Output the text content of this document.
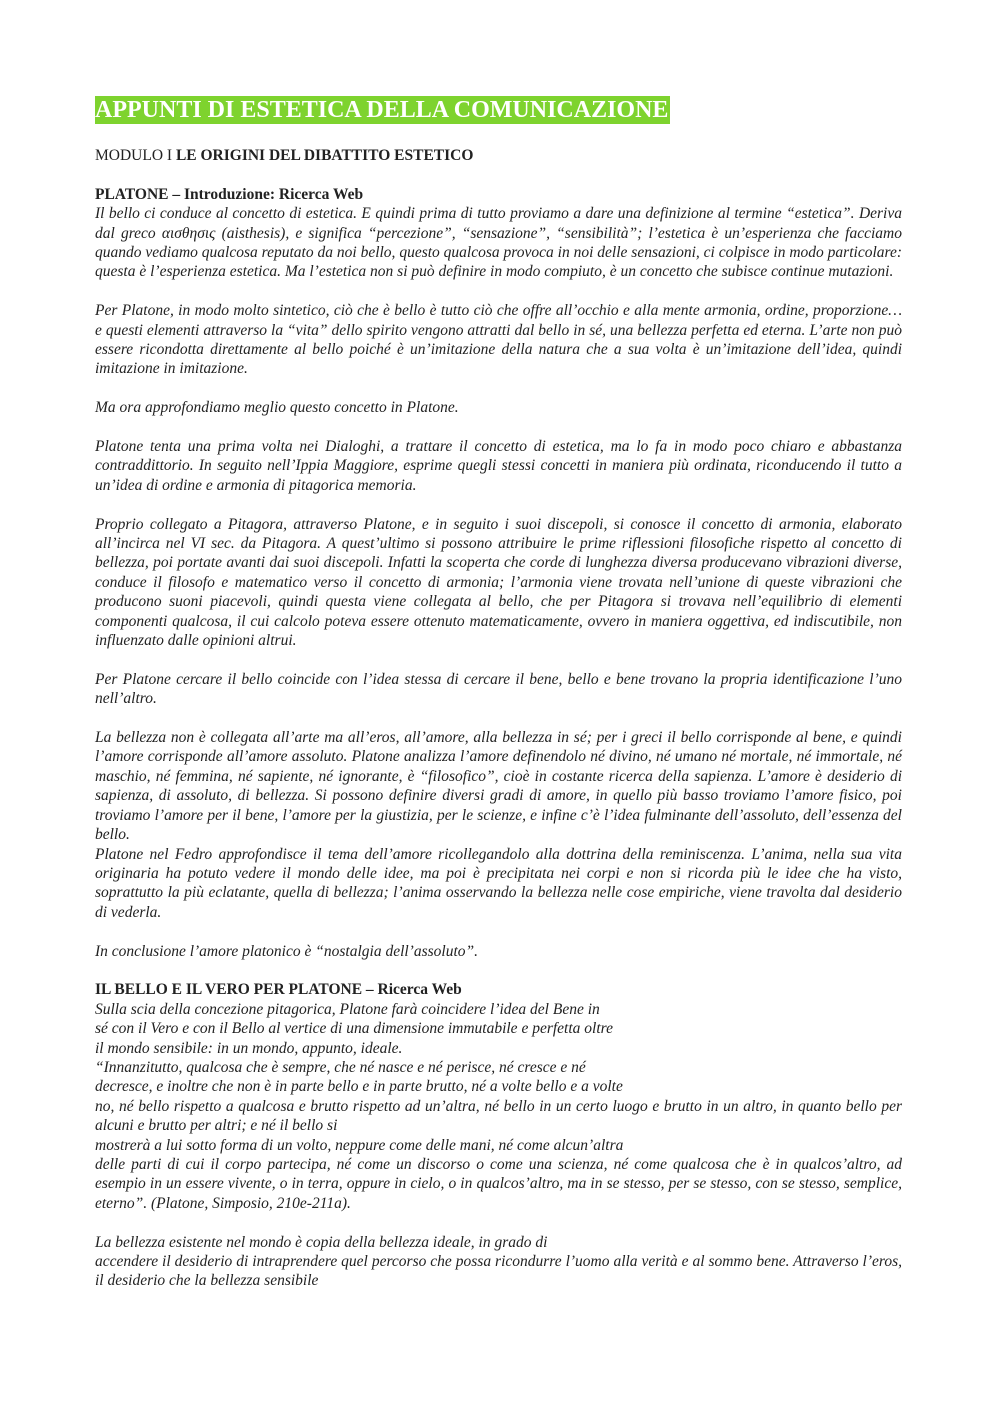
APPUNTI DI ESTETICA DELLA COMUNICAZIONE
MODULO I LE ORIGINI DEL DIBATTITO ESTETICO
PLATONE – Introduzione: Ricerca Web

Il bello ci conduce al concetto di estetica. E quindi prima di tutto proviamo a dare una definizione al termine “estetica”. Deriva dal greco αισθησις (aisthesis), e significa “percezione”, “sensazione”, “sensibilità”; l’estetica è un’esperienza che facciamo quando vediamo qualcosa reputato da noi bello, questo qualcosa provoca in noi delle sensazioni, ci colpisce in modo particolare: questa è l’esperienza estetica. Ma l’estetica non si può definire in modo compiuto, è un concetto che subisce continue mutazioni.

Per Platone, in modo molto sintetico, ciò che è bello è tutto ciò che offre all’occhio e alla mente armonia, ordine, proporzione… e questi elementi attraverso la “vita” dello spirito vengono attratti dal bello in sé, una bellezza perfetta ed eterna. L’arte non può essere ricondotta direttamente al bello poiché è un’imitazione della natura che a sua volta è un’imitazione dell’idea, quindi imitazione in imitazione.

Ma ora approfondiamo meglio questo concetto in Platone.

Platone tenta una prima volta nei Dialoghi, a trattare il concetto di estetica, ma lo fa in modo poco chiaro e abbastanza contraddittorio. In seguito nell’Ippia Maggiore, esprime quegli stessi concetti in maniera più ordinata, riconducendo il tutto a un’idea di ordine e armonia di pitagorica memoria.

Proprio collegato a Pitagora, attraverso Platone, e in seguito i suoi discepoli, si conosce il concetto di armonia, elaborato all’incirca nel VI sec. da Pitagora. A quest’ultimo si possono attribuire le prime riflessioni filosofiche rispetto al concetto di bellezza, poi portate avanti dai suoi discepoli. Infatti la scoperta che corde di lunghezza diversa producevano vibrazioni diverse, conduce il filosofo e matematico verso il concetto di armonia; l’armonia viene trovata nell’unione di queste vibrazioni che producono suoni piacevoli, quindi questa viene collegata al bello, che per Pitagora si trovava nell’equilibrio di elementi componenti qualcosa, il cui calcolo poteva essere ottenuto matematicamente, ovvero in maniera oggettiva, ed indiscutibile, non influenzato dalle opinioni altrui.

Per Platone cercare il bello coincide con l’idea stessa di cercare il bene, bello e bene trovano la propria identificazione l’uno nell’altro.

La bellezza non è collegata all’arte ma all’eros, all’amore, alla bellezza in sé; per i greci il bello corrisponde al bene, e quindi l’amore corrisponde all’amore assoluto. Platone analizza l’amore definendolo né divino, né umano né mortale, né immortale, né maschio, né femmina, né sapiente, né ignorante, è “filosofico”, cioè in costante ricerca della sapienza. L’amore è desiderio di sapienza, di assoluto, di bellezza. Si possono definire diversi gradi di amore, in quello più basso troviamo l’amore fisico, poi troviamo l’amore per il bene, l’amore per la giustizia, per le scienze, e infine c’è l’idea fulminante dell’assoluto, dell’essenza del bello.

Platone nel Fedro approfondisce il tema dell’amore ricollegandolo alla dottrina della reminiscenza. L’anima, nella sua vita originaria ha potuto vedere il mondo delle idee, ma poi è precipitata nei corpi e non si ricorda più le idee che ha visto, soprattutto la più eclatante, quella di bellezza; l’anima osservando la bellezza nelle cose empiriche, viene travolta dal desiderio di vederla.

In conclusione l’amore platonico è “nostalgia dell’assoluto”.

IL BELLO E IL VERO PER PLATONE – Ricerca Web

Sulla scia della concezione pitagorica, Platone farà coincidere l’idea del Bene in

sé con il Vero e con il Bello al vertice di una dimensione immutabile e perfetta oltre

il mondo sensibile: in un mondo, appunto, ideale.

“Innanzitutto, qualcosa che è sempre, che né nasce e né perisce, né cresce e né

decresce, e inoltre che non è in parte bello e in parte brutto, né a volte bello e a volte

no, né bello rispetto a qualcosa e brutto rispetto ad un’altra, né bello in un certo luogo e brutto in un altro, in quanto bello per alcuni e brutto per altri; e né il bello si

mostrerà a lui sotto forma di un volto, neppure come delle mani, né come alcun’altra

delle parti di cui il corpo partecipa, né come un discorso o come una scienza, né come qualcosa che è in qualcos’altro, ad esempio in un essere vivente, o in terra, oppure in cielo, o in qualcos’altro, ma in se stesso, per se stesso, con se stesso, semplice, eterno”. (Platone, Simposio, 210e-211a).

La bellezza esistente nel mondo è copia della bellezza ideale, in grado di

accendere il desiderio di intraprendere quel percorso che possa ricondurre l’uomo alla verità e al sommo bene. Attraverso l’eros, il desiderio che la bellezza sensibile
